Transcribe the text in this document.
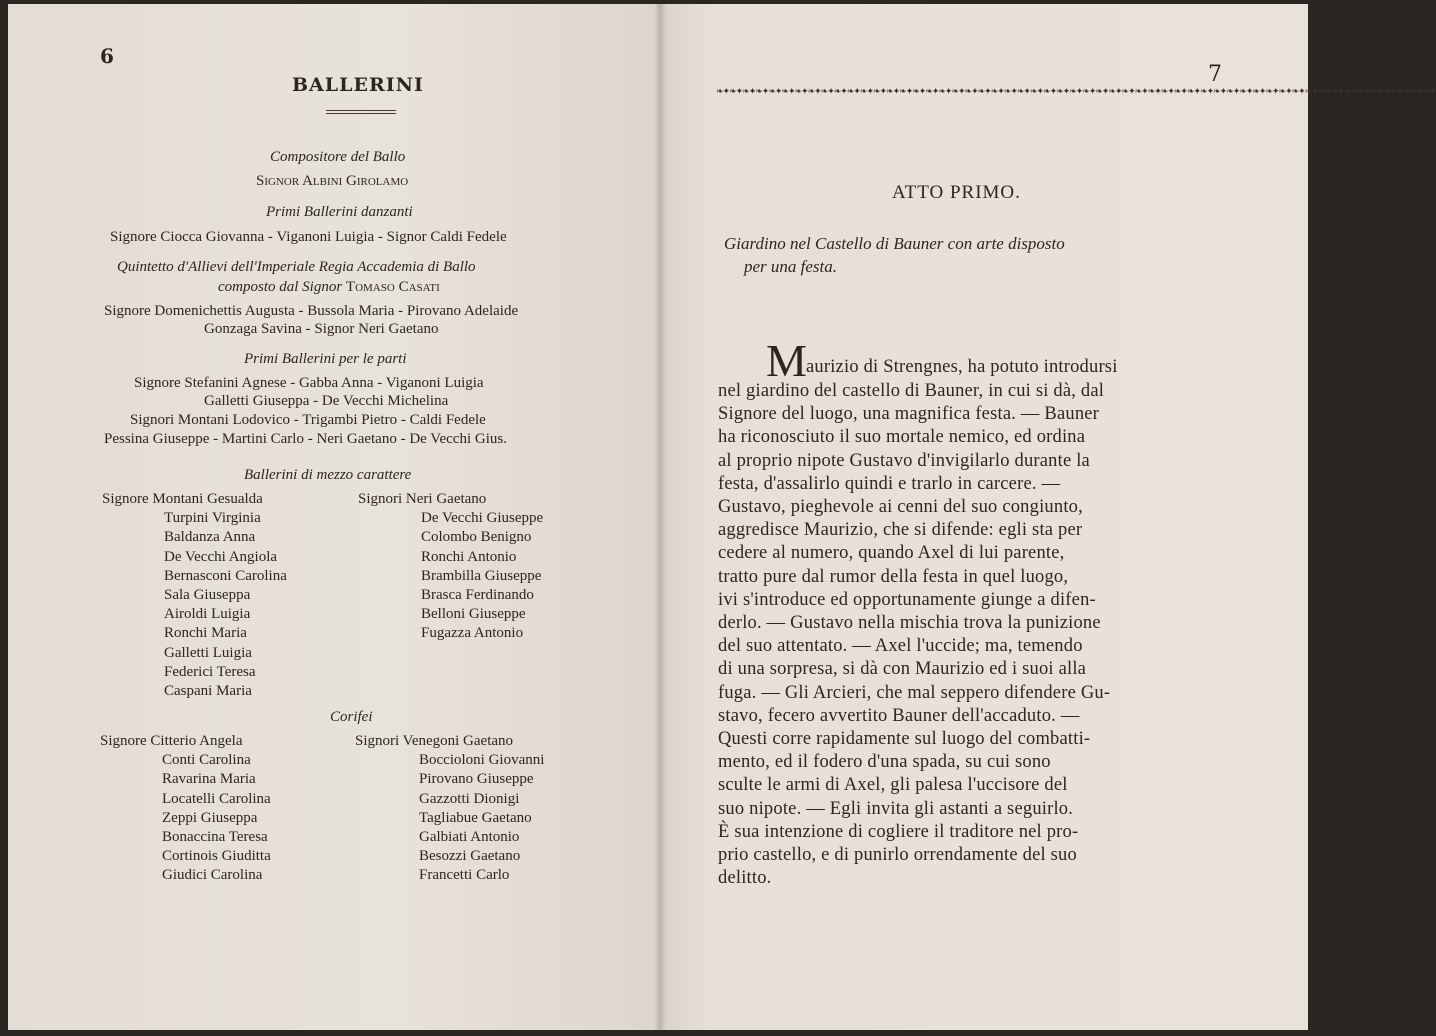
6
BALLERINI
Compositore del Ballo
Signor Albini Girolamo
Primi Ballerini danzanti
Signore Ciocca Giovanna - Viganoni Luigia - Signor Caldi Fedele
Quintetto d'Allievi dell'Imperiale Regia Accademia di Ballo
composto dal Signor Tomaso Casati
Signore Domenichettis Augusta - Bussola Maria - Pirovano Adelaide
Gonzaga Savina - Signor Neri Gaetano
Primi Ballerini per le parti
Signore Stefanini Agnese - Gabba Anna - Viganoni Luigia
Galletti Giuseppa - De Vecchi Michelina
Signori Montani Lodovico - Trigambi Pietro - Caldi Fedele
Pessina Giuseppe - Martini Carlo - Neri Gaetano - De Vecchi Gius.
Ballerini di mezzo carattere
Signore Montani Gesualda
Turpini Virginia
Baldanza Anna
De Vecchi Angiola
Bernasconi Carolina
Sala Giuseppa
Airoldi Luigia
Ronchi Maria
Galletti Luigia
Federici Teresa
Caspani Maria
Signori Neri Gaetano
De Vecchi Giuseppe
Colombo Benigno
Ronchi Antonio
Brambilla Giuseppe
Brasca Ferdinando
Belloni Giuseppe
Fugazza Antonio
Corifei
Signore Citterio Angela
Conti Carolina
Ravarina Maria
Locatelli Carolina
Zeppi Giuseppa
Bonaccina Teresa
Cortinois Giuditta
Giudici Carolina
Signori Venegoni Gaetano
Boccioloni Giovanni
Pirovano Giuseppe
Gazzotti Dionigi
Tagliabue Gaetano
Galbiati Antonio
Besozzi Gaetano
Francetti Carlo
7
❧✦❧✦❧✦❧✦❧✦❧✦❧✦❧✦❧✦❧✦❧✦❧✦❧✦❧✦❧✦❧✦❧✦❧✦❧✦❧✦❧✦❧✦❧✦❧✦❧✦❧✦❧✦❧✦❧✦❧✦❧✦❧✦❧✦❧✦❧✦❧✦❧✦❧✦❧✦❧✦❧✦❧✦❧✦❧✦❧✦❧✦❧✦❧✦❧✦❧✦❧✦❧✦❧✦❧✦❧✦
ATTO PRIMO.
Giardino nel Castello di Bauner con arte disposto
per una festa.
M aurizio di Strengnes, ha potuto introdursi
nel giardino del castello di Bauner, in cui si dà, dal
Signore del luogo, una magnifica festa. — Bauner
ha riconosciuto il suo mortale nemico, ed ordina
al proprio nipote Gustavo d'invigilarlo durante la
festa, d'assalirlo quindi e trarlo in carcere. —
Gustavo, pieghevole ai cenni del suo congiunto,
aggredisce Maurizio, che si difende: egli sta per
cedere al numero, quando Axel di lui parente,
tratto pure dal rumor della festa in quel luogo,
ivi s'introduce ed opportunamente giunge a difen-
derlo. — Gustavo nella mischia trova la punizione
del suo attentato. — Axel l'uccide; ma, temendo
di una sorpresa, si dà con Maurizio ed i suoi alla
fuga. — Gli Arcieri, che mal seppero difendere Gu-
stavo, fecero avvertito Bauner dell'accaduto. —
Questi corre rapidamente sul luogo del combatti-
mento, ed il fodero d'una spada, su cui sono
sculte le armi di Axel, gli palesa l'uccisore del
suo nipote. — Egli invita gli astanti a seguirlo.
È sua intenzione di cogliere il traditore nel pro-
prio castello, e di punirlo orrendamente del suo
delitto.
